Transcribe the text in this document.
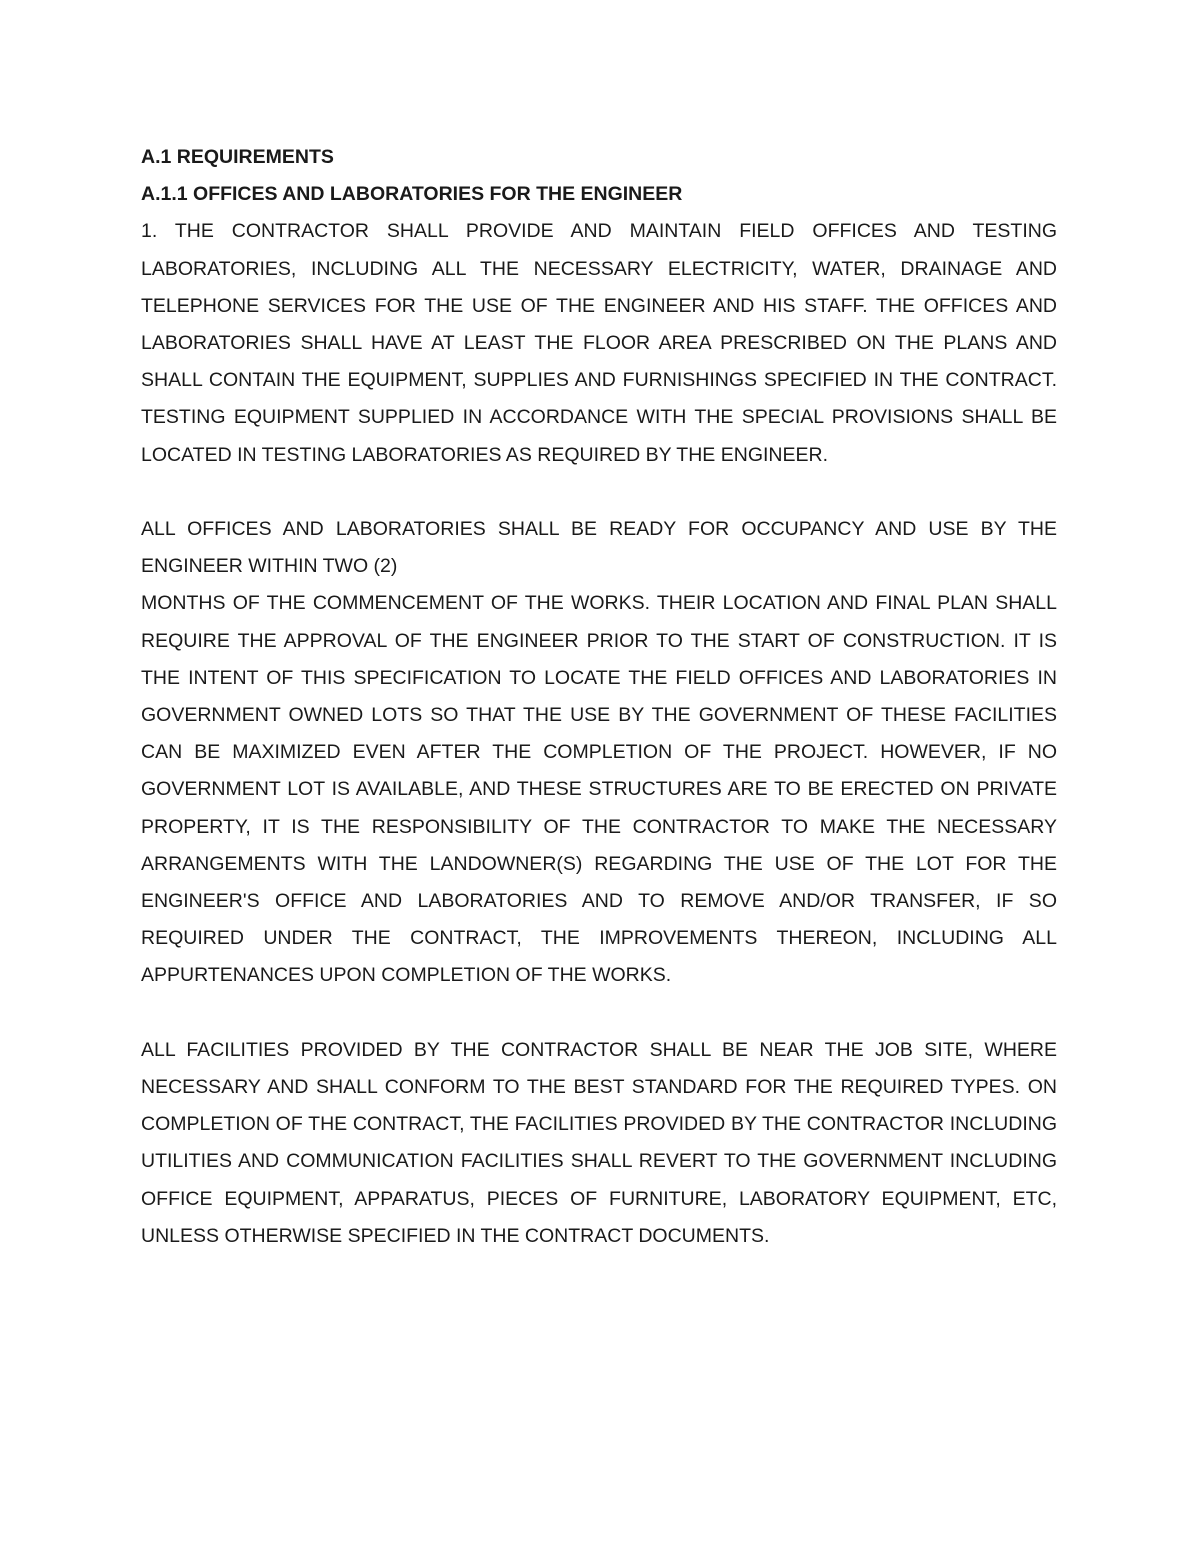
A.1 REQUIREMENTS

A.1.1 OFFICES AND LABORATORIES FOR THE ENGINEER

1. THE CONTRACTOR SHALL PROVIDE AND MAINTAIN FIELD OFFICES AND TESTING LABORATORIES, INCLUDING ALL THE NECESSARY ELECTRICITY, WATER, DRAINAGE AND TELEPHONE SERVICES FOR THE USE OF THE ENGINEER AND HIS STAFF. THE OFFICES AND LABORATORIES SHALL HAVE AT LEAST THE FLOOR AREA PRESCRIBED ON THE PLANS AND SHALL CONTAIN THE EQUIPMENT, SUPPLIES AND FURNISHINGS SPECIFIED IN THE CONTRACT. TESTING EQUIPMENT SUPPLIED IN ACCORDANCE WITH THE SPECIAL PROVISIONS SHALL BE LOCATED IN TESTING LABORATORIES AS REQUIRED BY THE ENGINEER.

ALL OFFICES AND LABORATORIES SHALL BE READY FOR OCCUPANCY AND USE BY THE ENGINEER WITHIN TWO (2)

MONTHS OF THE COMMENCEMENT OF THE WORKS. THEIR LOCATION AND FINAL PLAN SHALL REQUIRE THE APPROVAL OF THE ENGINEER PRIOR TO THE START OF CONSTRUCTION. IT IS THE INTENT OF THIS SPECIFICATION TO LOCATE THE FIELD OFFICES AND LABORATORIES IN GOVERNMENT OWNED LOTS SO THAT THE USE BY THE GOVERNMENT OF THESE FACILITIES CAN BE MAXIMIZED EVEN AFTER THE COMPLETION OF THE PROJECT. HOWEVER, IF NO GOVERNMENT LOT IS AVAILABLE, AND THESE STRUCTURES ARE TO BE ERECTED ON PRIVATE PROPERTY, IT IS THE RESPONSIBILITY OF THE CONTRACTOR TO MAKE THE NECESSARY ARRANGEMENTS WITH THE LANDOWNER(S) REGARDING THE USE OF THE LOT FOR THE ENGINEER'S OFFICE AND LABORATORIES AND TO REMOVE AND/OR TRANSFER, IF SO REQUIRED UNDER THE CONTRACT, THE IMPROVEMENTS THEREON, INCLUDING ALL APPURTENANCES UPON COMPLETION OF THE WORKS.

ALL FACILITIES PROVIDED BY THE CONTRACTOR SHALL BE NEAR THE JOB SITE, WHERE NECESSARY AND SHALL CONFORM TO THE BEST STANDARD FOR THE REQUIRED TYPES. ON COMPLETION OF THE CONTRACT, THE FACILITIES PROVIDED BY THE CONTRACTOR INCLUDING UTILITIES AND COMMUNICATION FACILITIES SHALL REVERT TO THE GOVERNMENT INCLUDING OFFICE EQUIPMENT, APPARATUS, PIECES OF FURNITURE, LABORATORY EQUIPMENT, ETC, UNLESS OTHERWISE SPECIFIED IN THE CONTRACT DOCUMENTS.
